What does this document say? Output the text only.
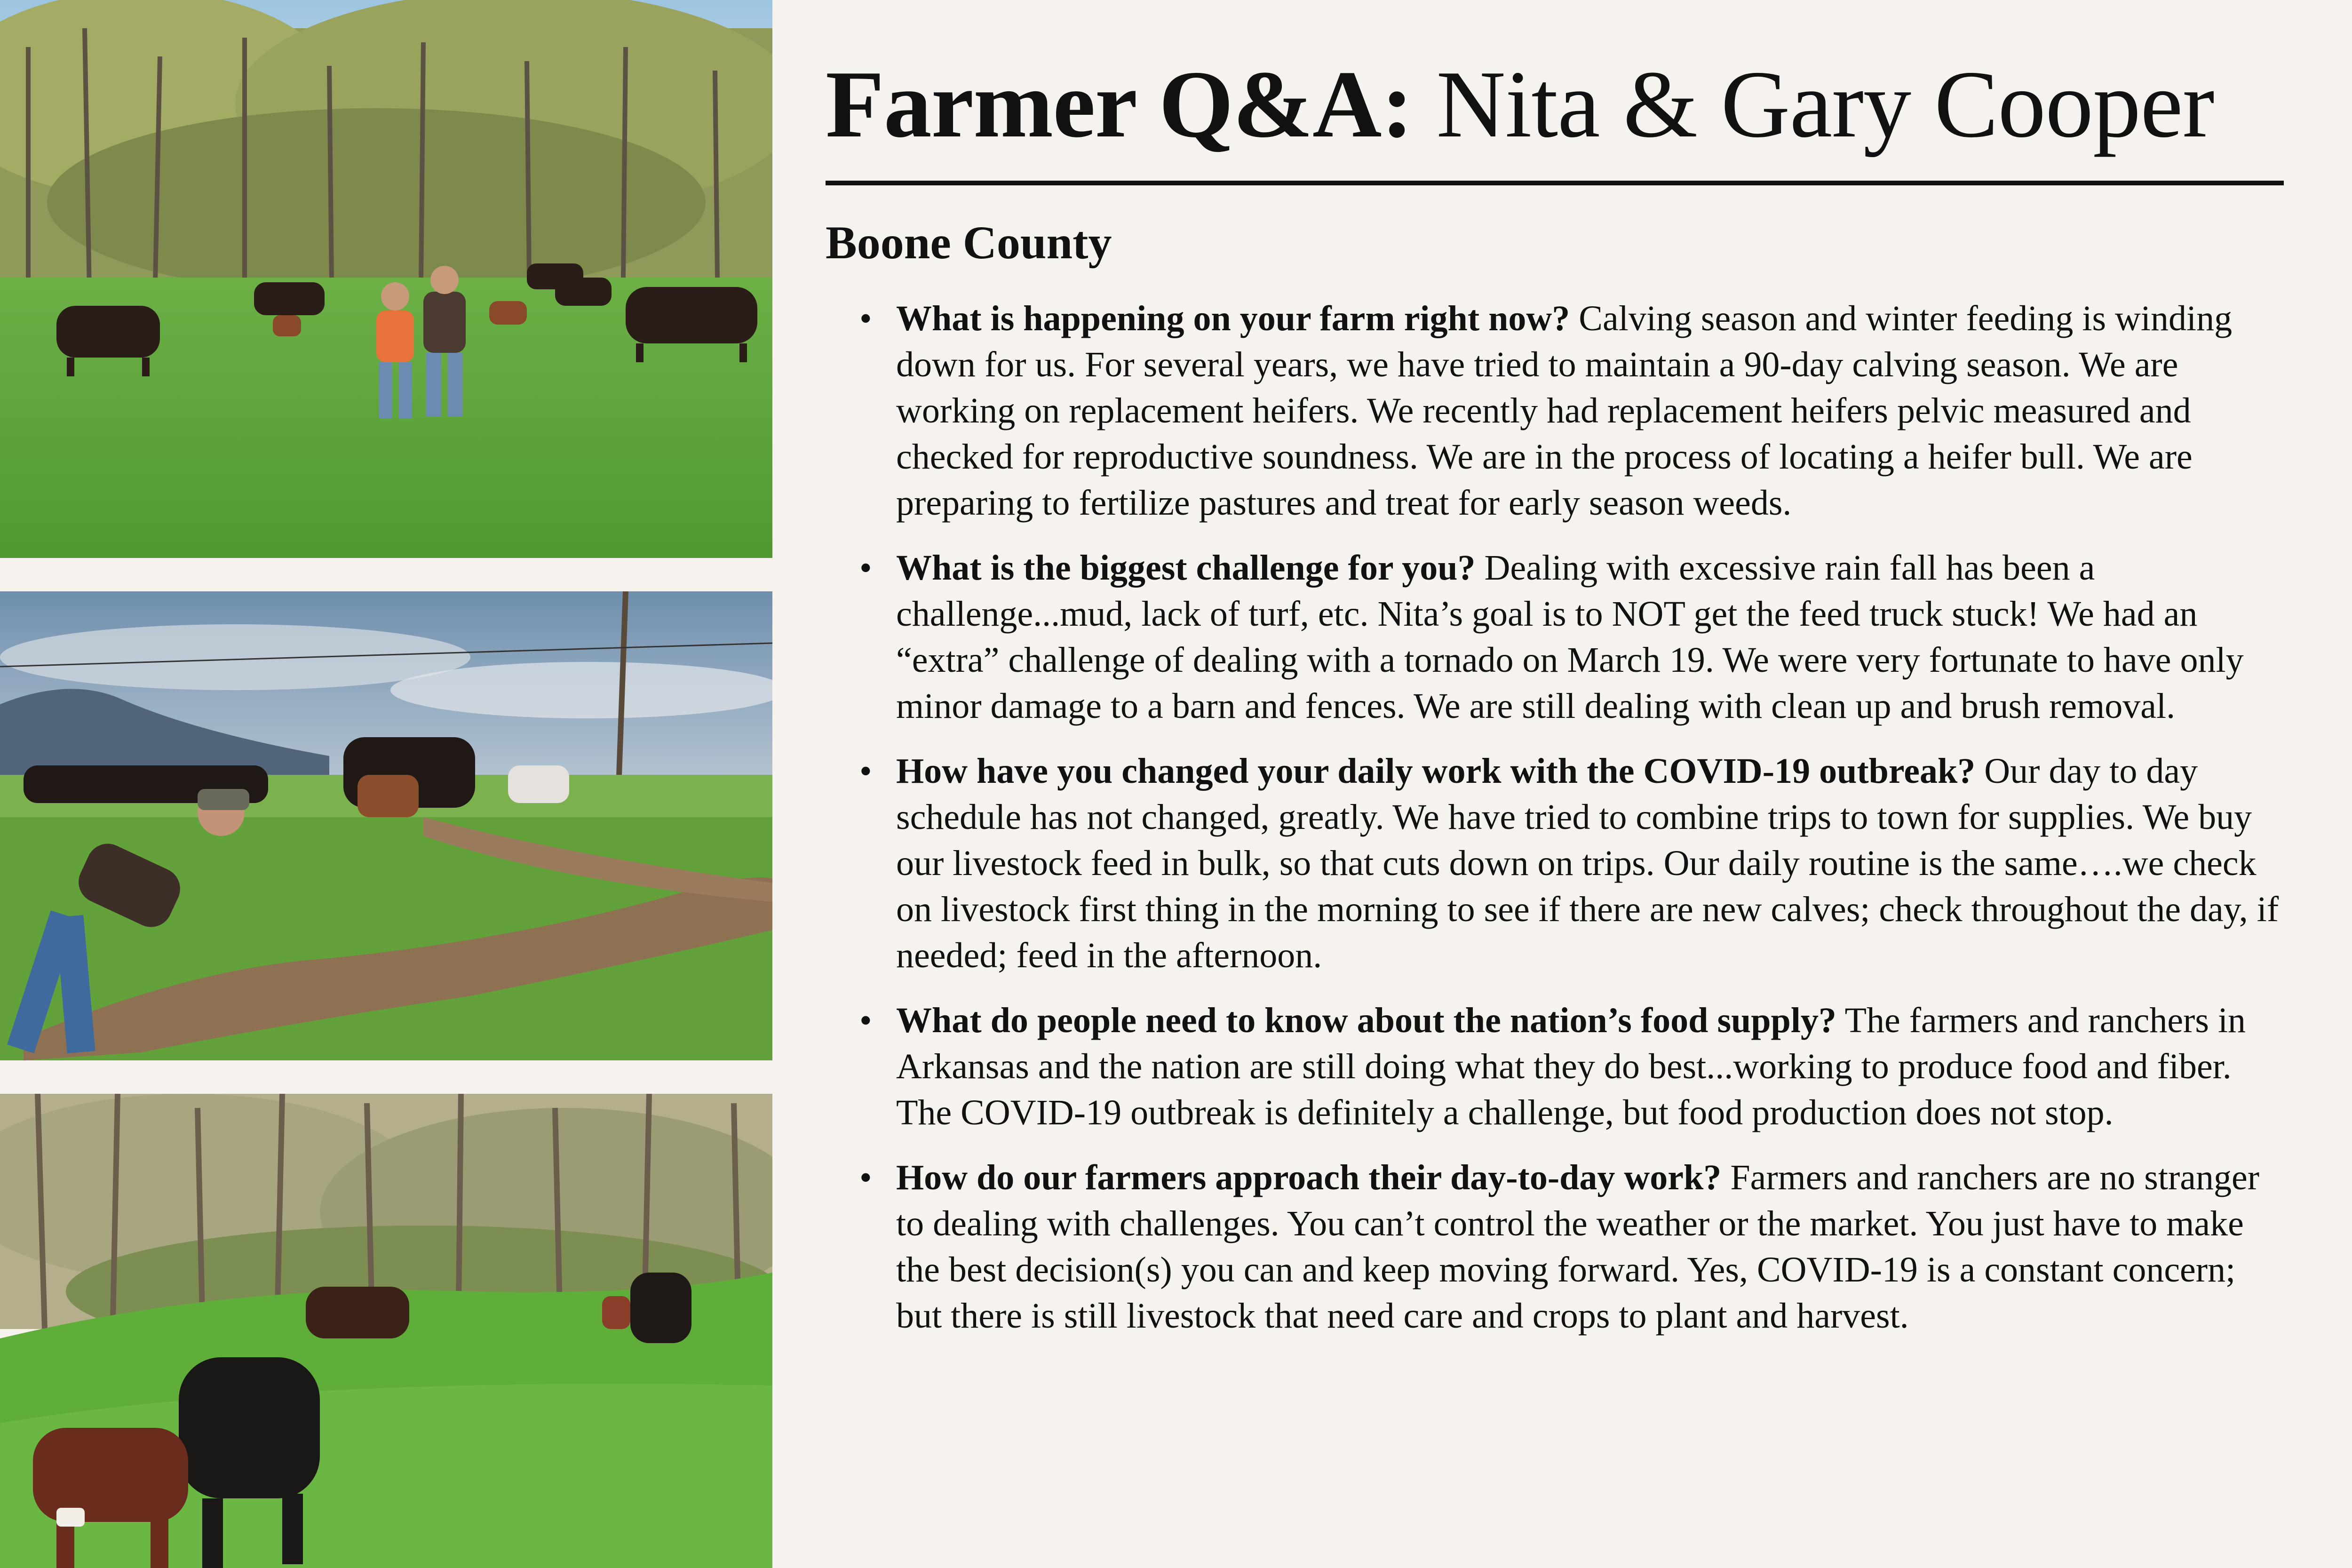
Farmer Q&A: Nita & Gary Cooper
Boone County
• What is happening on your farm right now? Calving season and winter feeding is winding down for us. For several years, we have tried to maintain a 90-day calving season. We are working on replacement heifers. We recently had replacement heifers pelvic measured and checked for reproductive soundness. We are in the process of locating a heifer bull. We are preparing to fertilize pastures and treat for early season weeds.
• What is the biggest challenge for you? Dealing with excessive rain fall has been a challenge...mud, lack of turf, etc. Nita’s goal is to NOT get the feed truck stuck! We had an “extra” challenge of dealing with a tornado on March 19. We were very fortunate to have only minor damage to a barn and fences. We are still dealing with clean up and brush removal.
• How have you changed your daily work with the COVID-19 outbreak? Our day to day schedule has not changed, greatly. We have tried to combine trips to town for supplies. We buy our livestock feed in bulk, so that cuts down on trips. Our daily routine is the same….we check on livestock first thing in the morning to see if there are new calves; check throughout the day, if needed; feed in the afternoon.
• What do people need to know about the nation’s food supply? The farmers and ranchers in Arkansas and the nation are still doing what they do best...working to produce food and fiber. The COVID-19 outbreak is definitely a challenge, but food production does not stop.
• How do our farmers approach their day-to-day work? Farmers and ranchers are no stranger to dealing with challenges. You can’t control the weather or the market. You just have to make the best decision(s) you can and keep moving forward. Yes, COVID-19 is a constant concern; but there is still livestock that need care and crops to plant and harvest.
